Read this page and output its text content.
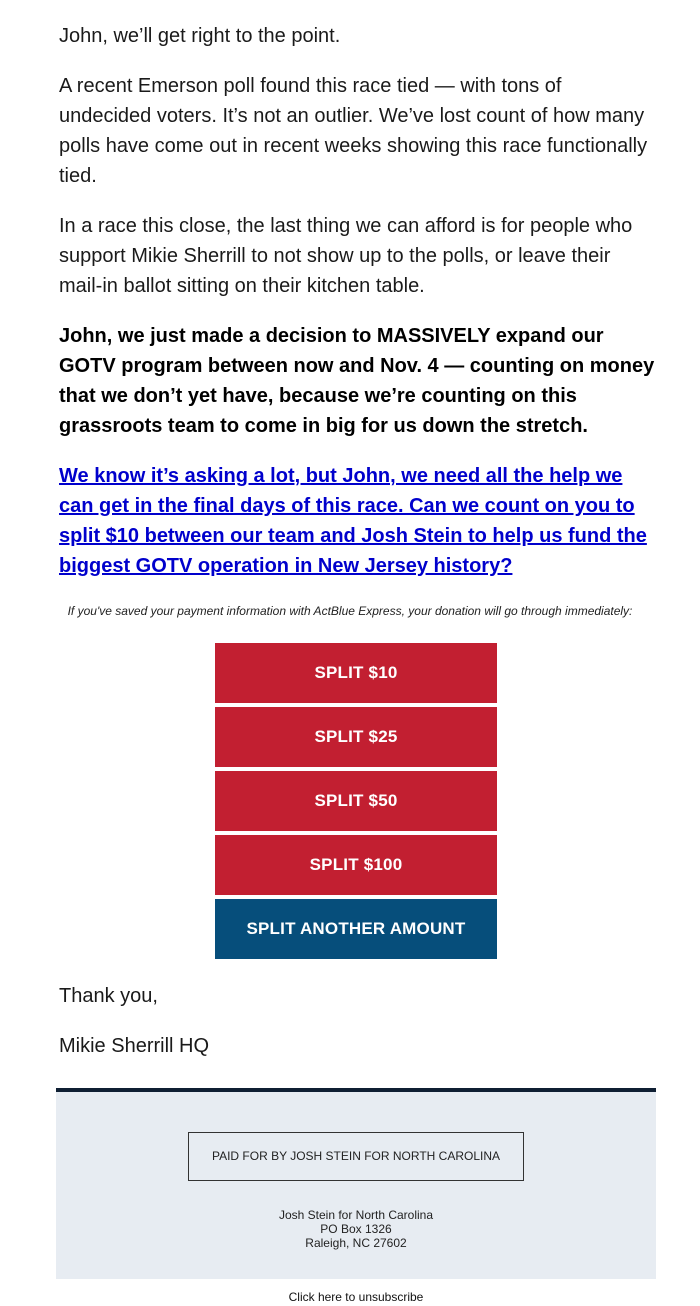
John, we’ll get right to the point.

A recent Emerson poll found this race tied — with tons of undecided voters. It’s not an outlier. We’ve lost count of how many polls have come out in recent weeks showing this race functionally tied.

In a race this close, the last thing we can afford is for people who support Mikie Sherrill to not show up to the polls, or leave their mail-in ballot sitting on their kitchen table.

John, we just made a decision to MASSIVELY expand our GOTV program between now and Nov. 4 — counting on money that we don’t yet have, because we’re counting on this grassroots team to come in big for us down the stretch.

We know it’s asking a lot, but John, we need all the help we can get in the final days of this race. Can we count on you to split $10 between our team and Josh Stein to help us fund the biggest GOTV operation in New Jersey history?

If you've saved your payment information with ActBlue Express, your donation will go through immediately:
SPLIT $10
SPLIT $25
SPLIT $50
SPLIT $100
SPLIT ANOTHER AMOUNT

Thank you,

Mikie Sherrill HQ

PAID FOR BY JOSH STEIN FOR NORTH CAROLINA
Josh Stein for North Carolina
PO Box 1326
Raleigh, NC 27602
Click here to unsubscribe
